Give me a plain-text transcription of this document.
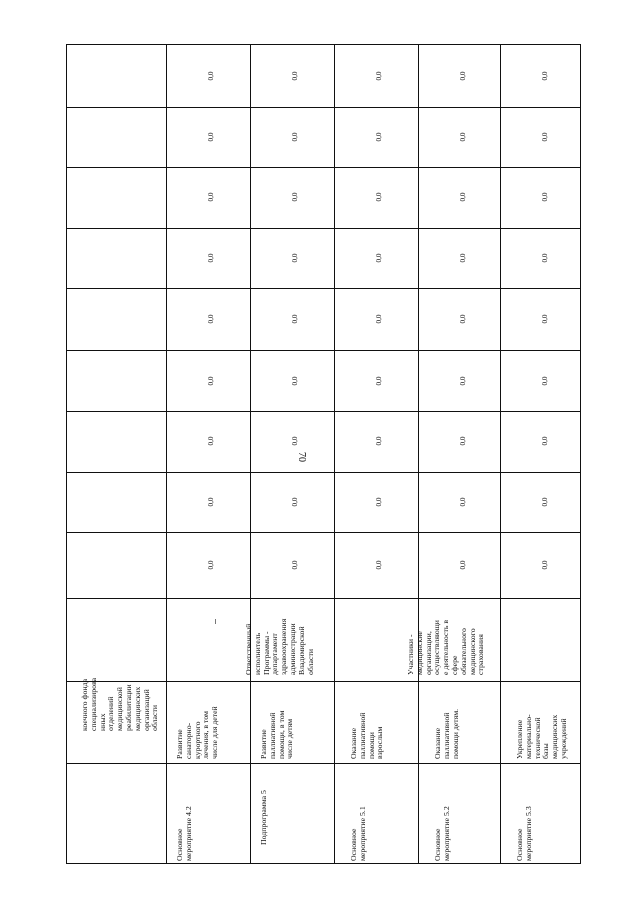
70
коечного фонда
специализирова
нных
отделений
медицинской
реабилитации
медицинских
организаций
области
Основное
мероприятие 4.2
Развитие
санаторно-
курортного
лечения, в том
числе для детей
Подпрограмма 5
Развитие
паллиативной
помощи, в том
числе детям
Ответственный
исполнитель
Программы -
департамент
здравоохранения
администрации
Владимирской
области
Основное
мероприятие 5.1
Оказание
паллиативной
помощи
взрослым
Основное
мероприятие 5.2
Оказание
паллиативной
помощи детям.
Участники -
медицинские
организации,
осуществляющи
е деятельность в
сфере
обязательного
медицинского
страхования
Основное
мероприятие 5.3
Укрепление
материально-
технической
базы
медицинских
учреждений
0,0
0,0
0,0
0,0
0,0
0,0
0,0
0,0
0,0
0,0
0,0
0,0
0,0
0,0
0,0
0,0
0,0
0,0
0,0
0,0
0,0
0,0
0,0
0,0
0,0
0,0
0,0
0,0
0,0
0,0
0,0
0,0
0,0
0,0
0,0
0,0
0,0
0,0
0,0
0,0
0,0
0,0
0,0
0,0
0,0
